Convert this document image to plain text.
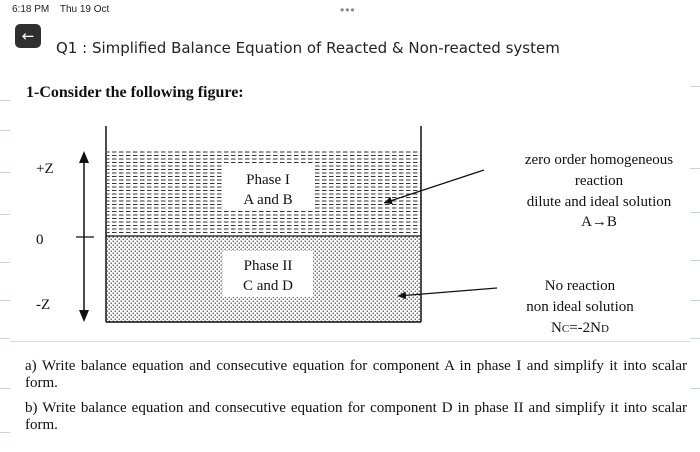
6:18 PM Thu 19 Oct	•••
←
Q1 : Simplified Balance Equation of Reacted & Non-reacted system
1-Consider the following figure:
Phase I
A and B
Phase II
C and D
+Z
0
-Z
zero order homogeneous
reaction
dilute and ideal solution
A→B
No reaction
non ideal solution
NC=-2ND
a) Write balance equation and consecutive equation for component A in phase I and simplify it into scalar form.
b) Write balance equation and consecutive equation for component D in phase II and simplify it into scalar form.
